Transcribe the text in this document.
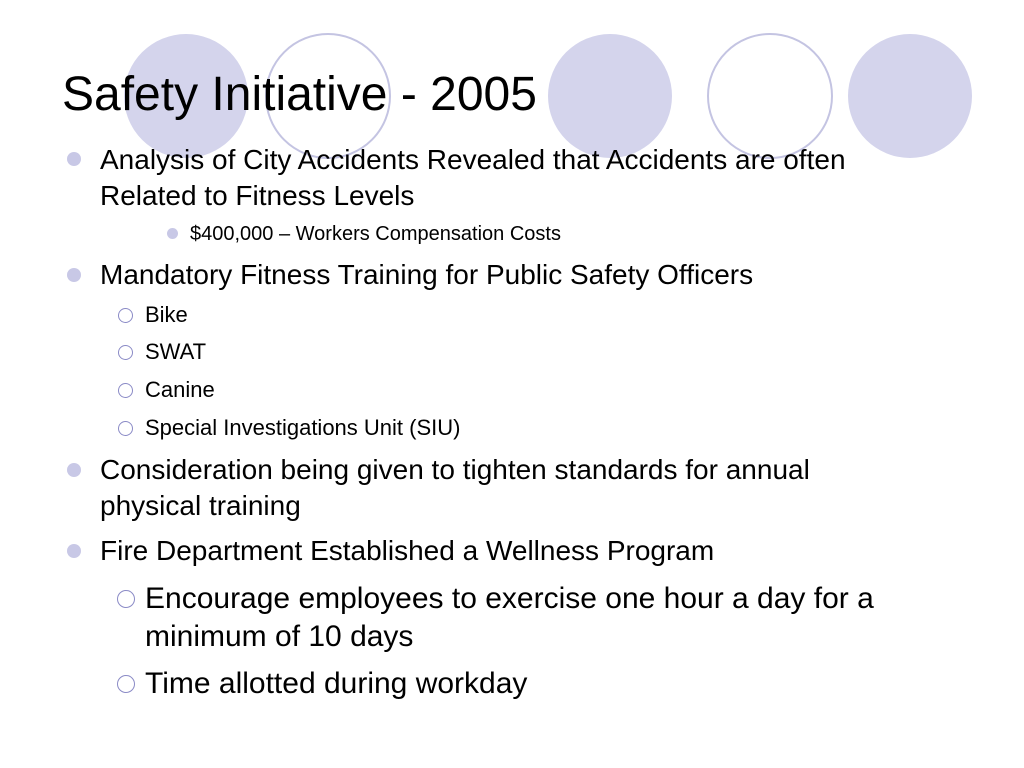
Safety Initiative - 2005

Analysis of City Accidents Revealed that Accidents are often Related to Fitness Levels

$400,000 – Workers Compensation Costs

Mandatory Fitness Training for Public Safety Officers

Bike

SWAT

Canine

Special Investigations Unit (SIU)

Consideration being given to tighten standards for annual physical training

Fire Department Established a Wellness Program

Encourage employees to exercise one hour a day for a minimum of 10 days

Time allotted during workday
